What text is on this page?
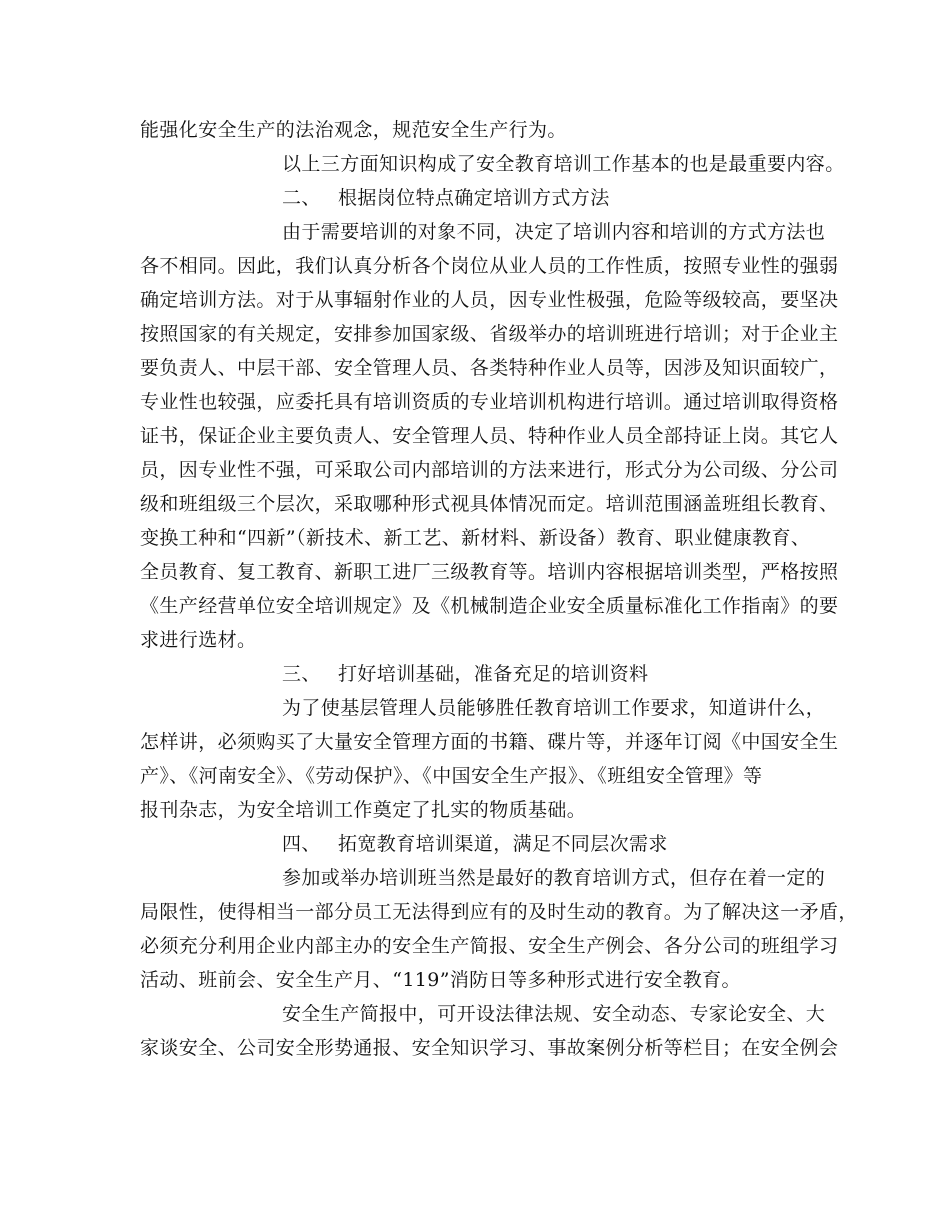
能强化安全生产的法治观念，规范安全生产行为。
以上三方面知识构成了安全教育培训工作基本的也是最重要内容。
二、 根据岗位特点确定培训方式方法
由于需要培训的对象不同，决定了培训内容和培训的方式方法也
各不相同。因此，我们认真分析各个岗位从业人员的工作性质，按照专业性的强弱
确定培训方法。对于从事辐射作业的人员，因专业性极强，危险等级较高，要坚决
按照国家的有关规定，安排参加国家级、省级举办的培训班进行培训；对于企业主
要负责人、中层干部、安全管理人员、各类特种作业人员等，因涉及知识面较广，
专业性也较强，应委托具有培训资质的专业培训机构进行培训。通过培训取得资格
证书，保证企业主要负责人、安全管理人员、特种作业人员全部持证上岗。其它人
员，因专业性不强，可采取公司内部培训的方法来进行，形式分为公司级、分公司
级和班组级三个层次，采取哪种形式视具体情况而定。培训范围涵盖班组长教育、
变换工种和“四新”（新技术、新工艺、新材料、新设备）教育、职业健康教育、
全员教育、复工教育、新职工进厂三级教育等。培训内容根据培训类型，严格按照
《生产经营单位安全培训规定》及《机械制造企业安全质量标准化工作指南》的要
求进行选材。
三、 打好培训基础，准备充足的培训资料
为了使基层管理人员能够胜任教育培训工作要求，知道讲什么，
怎样讲，必须购买了大量安全管理方面的书籍、碟片等，并逐年订阅《中国安全生
产》、《河南安全》、《劳动保护》、《中国安全生产报》、《班组安全管理》等
报刊杂志，为安全培训工作奠定了扎实的物质基础。
四、 拓宽教育培训渠道，满足不同层次需求
参加或举办培训班当然是最好的教育培训方式，但存在着一定的
局限性，使得相当一部分员工无法得到应有的及时生动的教育。为了解决这一矛盾，
必须充分利用企业内部主办的安全生产简报、安全生产例会、各分公司的班组学习
活动、班前会、安全生产月、“119”消防日等多种形式进行安全教育。
安全生产简报中，可开设法律法规、安全动态、专家论安全、大
家谈安全、公司安全形势通报、安全知识学习、事故案例分析等栏目；在安全例会
